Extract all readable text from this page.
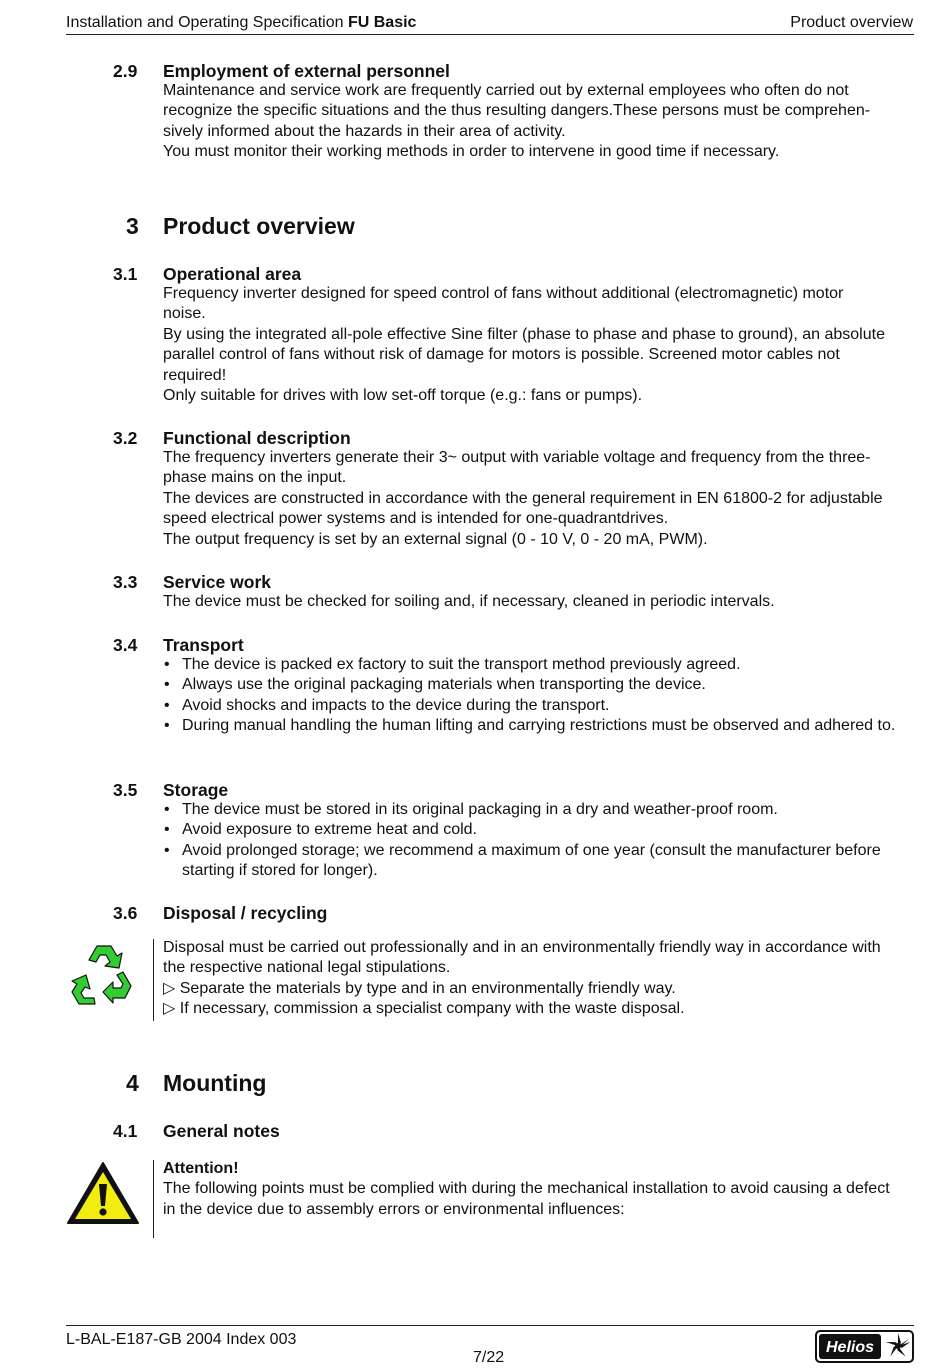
Installation and Operating Specification FU Basic	Product overview
2.9 Employment of external personnel

Maintenance and service work are frequently carried out by external employees who often do not

recognize the specific situations and the thus resulting dangers.These persons must be comprehen-

sively informed about the hazards in their area of activity.

You must monitor their working methods in order to intervene in good time if necessary.

3 Product overview
3.1 Operational area

Frequency inverter designed for speed control of fans without additional (electromagnetic) motor

noise.

By using the integrated all-pole effective Sine filter (phase to phase and phase to ground), an absolute

parallel control of fans without risk of damage for motors is possible. Screened motor cables not

required!

Only suitable for drives with low set-off torque (e.g.: fans or pumps).

3.2 Functional description

The frequency inverters generate their 3~ output with variable voltage and frequency from the three-

phase mains on the input.

The devices are constructed in accordance with the general requirement in EN 61800-2 for adjustable

speed electrical power systems and is intended for one-quadrantdrives.

The output frequency is set by an external signal (0 - 10 V, 0 - 20 mA, PWM).

3.3 Service work

The device must be checked for soiling and, if necessary, cleaned in periodic intervals.

3.4 Transport
• The device is packed ex factory to suit the transport method previously agreed.
• Always use the original packaging materials when transporting the device.
• Avoid shocks and impacts to the device during the transport.
• During manual handling the human lifting and carrying restrictions must be observed and adhered to.
3.5 Storage
• The device must be stored in its original packaging in a dry and weather-proof room.
• Avoid exposure to extreme heat and cold.
• Avoid prolonged storage; we recommend a maximum of one year (consult the manufacturer before starting if stored for longer).
3.6 Disposal / recycling

Disposal must be carried out professionally and in an environmentally friendly way in accordance with

the respective national legal stipulations.

▷ Separate the materials by type and in an environmentally friendly way.

▷ If necessary, commission a specialist company with the waste disposal.

4 Mounting
4.1 General notes

Attention!

The following points must be complied with during the mechanical installation to avoid causing a defect

in the device due to assembly errors or environmental influences:

L-BAL-E187-GB 2004 Index 003
7/22
Helios
